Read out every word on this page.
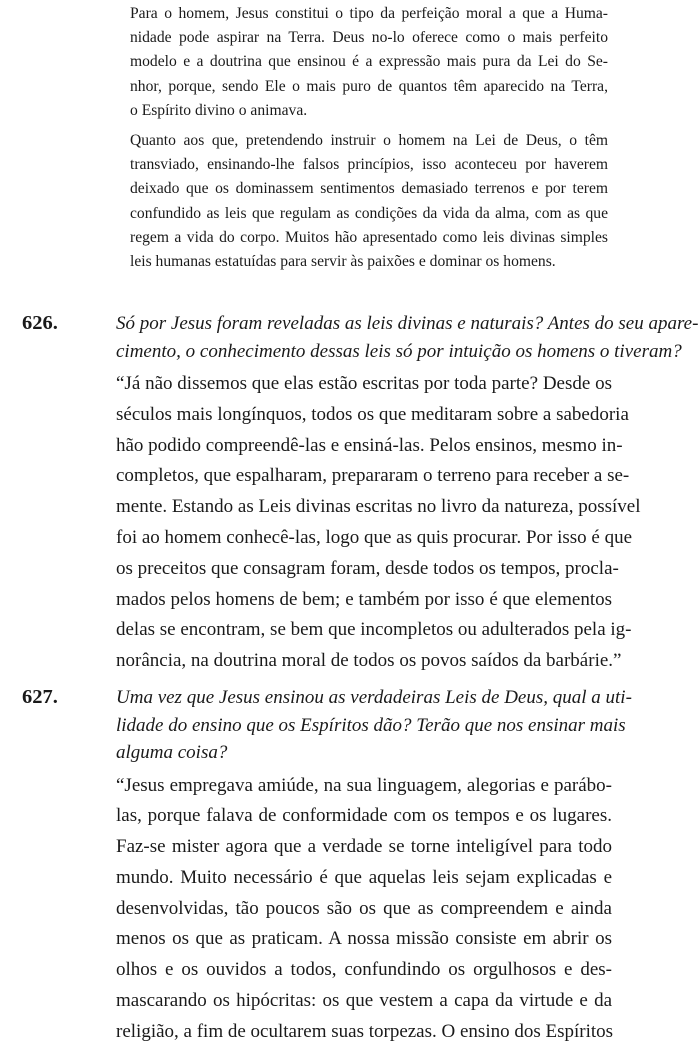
Para o homem, Jesus constitui o tipo da perfeição moral a que a Huma-
nidade pode aspirar na Terra. Deus no-lo oferece como o mais perfeito
modelo e a doutrina que ensinou é a expressão mais pura da Lei do Se-
nhor, porque, sendo Ele o mais puro de quantos têm aparecido na Terra,
o Espírito divino o animava.
Quanto aos que, pretendendo instruir o homem na Lei de Deus, o têm
transviado, ensinando-lhe falsos princípios, isso aconteceu por haverem
deixado que os dominassem sentimentos demasiado terrenos e por terem
confundido as leis que regulam as condições da vida da alma, com as que
regem a vida do corpo. Muitos hão apresentado como leis divinas simples
leis humanas estatuídas para servir às paixões e dominar os homens.
626.	Só por Jesus foram reveladas as leis divinas e naturais? Antes do seu apare-
cimento, o conhecimento dessas leis só por intuição os homens o tiveram?
“Já não dissemos que elas estão escritas por toda parte? Desde os
séculos mais longínquos, todos os que meditaram sobre a sabedoria
hão podido compreendê-las e ensiná-las. Pelos ensinos, mesmo in-
completos, que espalharam, prepararam o terreno para receber a se-
mente. Estando as Leis divinas escritas no livro da natureza, possível
foi ao homem conhecê-las, logo que as quis procurar. Por isso é que
os preceitos que consagram foram, desde todos os tempos, procla-
mados pelos homens de bem; e também por isso é que elementos
delas se encontram, se bem que incompletos ou adulterados pela ig-
norância, na doutrina moral de todos os povos saídos da barbárie.”
627.	Uma vez que Jesus ensinou as verdadeiras Leis de Deus, qual a uti-
lidade do ensino que os Espíritos dão? Terão que nos ensinar mais
alguma coisa?
“Jesus empregava amiúde, na sua linguagem, alegorias e parábo-
las, porque falava de conformidade com os tempos e os lugares.
Faz-se mister agora que a verdade se torne inteligível para todo
mundo. Muito necessário é que aquelas leis sejam explicadas e
desenvolvidas, tão poucos são os que as compreendem e ainda
menos os que as praticam. A nossa missão consiste em abrir os
olhos e os ouvidos a todos, confundindo os orgulhosos e des-
mascarando os hipócritas: os que vestem a capa da virtude e da
religião, a fim de ocultarem suas torpezas. O ensino dos Espíritos
